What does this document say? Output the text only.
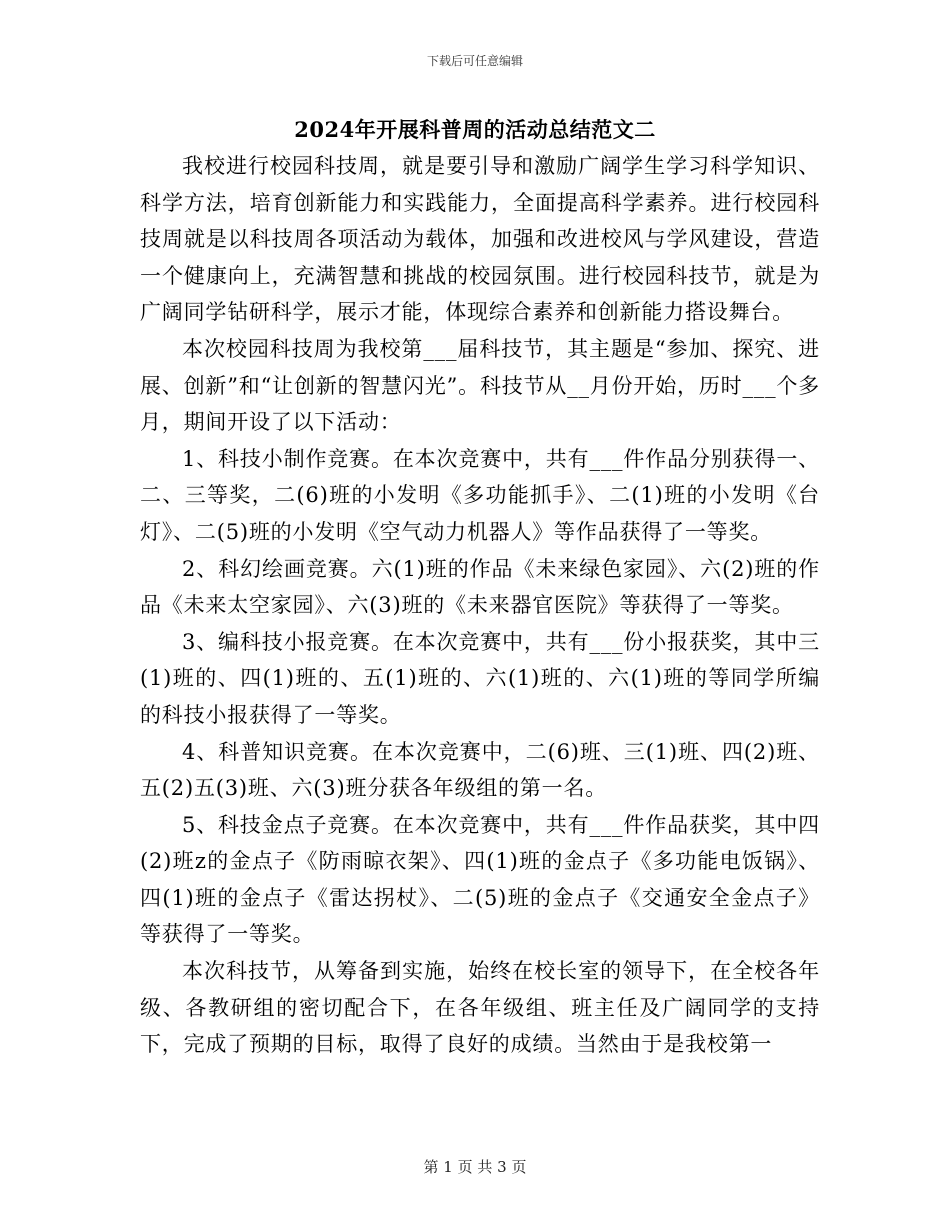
下载后可任意编辑
2024年开展科普周的活动总结范文二

我校进行校园科技周，就是要引导和激励广阔学生学习科学知识、科学方法，培育创新能力和实践能力，全面提高科学素养。进行校园科技周就是以科技周各项活动为载体，加强和改进校风与学风建设，营造一个健康向上，充满智慧和挑战的校园氛围。进行校园科技节，就是为广阔同学钻研科学，展示才能，体现综合素养和创新能力搭设舞台。

本次校园科技周为我校第___届科技节，其主题是“参加、探究、进展、创新”和“让创新的智慧闪光”。科技节从__月份开始，历时___个多月，期间开设了以下活动：

1、科技小制作竞赛。在本次竞赛中，共有___件作品分别获得一、二、三等奖，二(6)班的小发明《多功能抓手》、二(1)班的小发明《台灯》、二(5)班的小发明《空气动力机器人》等作品获得了一等奖。

2、科幻绘画竞赛。六(1)班的作品《未来绿色家园》、六(2)班的作品《未来太空家园》、六(3)班的《未来器官医院》等获得了一等奖。

3、编科技小报竞赛。在本次竞赛中，共有___份小报获奖，其中三(1)班的、四(1)班的、五(1)班的、六(1)班的、六(1)班的等同学所编的科技小报获得了一等奖。

4、科普知识竞赛。在本次竞赛中，二(6)班、三(1)班、四(2)班、五(2)五(3)班、六(3)班分获各年级组的第一名。

5、科技金点子竞赛。在本次竞赛中，共有___件作品获奖，其中四(2)班z的金点子《防雨晾衣架》、四(1)班的金点子《多功能电饭锅》、四(1)班的金点子《雷达拐杖》、二(5)班的金点子《交通安全金点子》等获得了一等奖。

本次科技节，从筹备到实施，始终在校长室的领导下，在全校各年级、各教研组的密切配合下，在各年级组、班主任及广阔同学的支持下，完成了预期的目标，取得了良好的成绩。当然由于是我校第一

第 1 页 共 3 页
